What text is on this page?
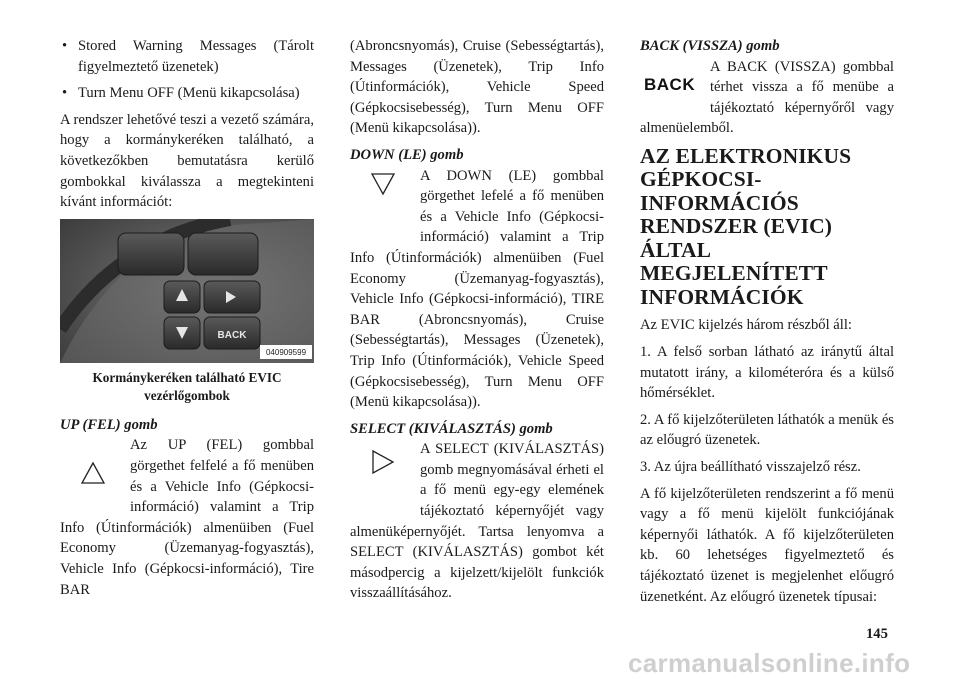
• Stored Warning Messages (Tárolt figyelmeztető üzenetek)
• Turn Menu OFF (Menü kikapcsolása)

A rendszer lehetővé teszi a vezető számára, hogy a kormánykeréken található, a következőkben bemutatásra kerülő gombokkal kiválassza a megtekinteni kívánt információt:

BACK
040909599
Kormánykeréken található EVIC vezérlőgombok
UP (FEL) gomb
Az UP (FEL) gombbal görgethet felfelé a fő menüben és a Vehicle Info (Gépkocsi-információ) valamint a Trip Info (Útinformációk) almenüiben (Fuel Economy (Üzemanyag-fogyasztás), Vehicle Info (Gépkocsi-információ), Tire BAR

(Abroncsnyomás), Cruise (Sebességtartás), Messages (Üzenetek), Trip Info (Útinformációk), Vehicle Speed (Gépkocsisebesség), Turn Menu OFF (Menü kikapcsolása)).

DOWN (LE) gomb
A DOWN (LE) gombbal görgethet lefelé a fő menüben és a Vehicle Info (Gépkocsi-információ) valamint a Trip Info (Útinformációk) almenüiben (Fuel Economy (Üzemanyag-fogyasztás), Vehicle Info (Gépkocsi-információ), TIRE BAR (Abroncsnyomás), Cruise (Sebességtartás), Messages (Üzenetek), Trip Info (Útinformációk), Vehicle Speed (Gépkocsisebesség), Turn Menu OFF (Menü kikapcsolása)).
SELECT (KIVÁLASZTÁS) gomb
A SELECT (KIVÁLASZTÁS) gomb megnyomásával érheti el a fő menü egy-egy elemének tájékoztató képernyőjét vagy almenüképernyőjét. Tartsa lenyomva a SELECT (KIVÁLASZTÁS) gombot két másodpercig a kijelzett/kijelölt funkciók visszaállításához.
BACK (VISSZA) gomb
BACK
A BACK (VISSZA) gombbal térhet vissza a fő menübe a tájékoztató képernyőről vagy almenüelemből.
AZ ELEKTRONIKUS GÉPKOCSI-INFORMÁCIÓS RENDSZER (EVIC) ÁLTAL MEGJELENÍTETT INFORMÁCIÓK

Az EVIC kijelzés három részből áll:

1. A felső sorban látható az iránytű által mutatott irány, a kilométeróra és a külső hőmérséklet.

2. A fő kijelzőterületen láthatók a menük és az előugró üzenetek.

3. Az újra beállítható visszajelző rész.

A fő kijelzőterületen rendszerint a fő menü vagy a fő menü kijelölt funkciójának képernyői láthatók. A fő kijelzőterületen kb. 60 lehetséges figyelmeztető és tájékoztató üzenet is megjelenhet előugró üzenetként. Az előugró üzenetek típusai:

145
carmanualsonline.info
